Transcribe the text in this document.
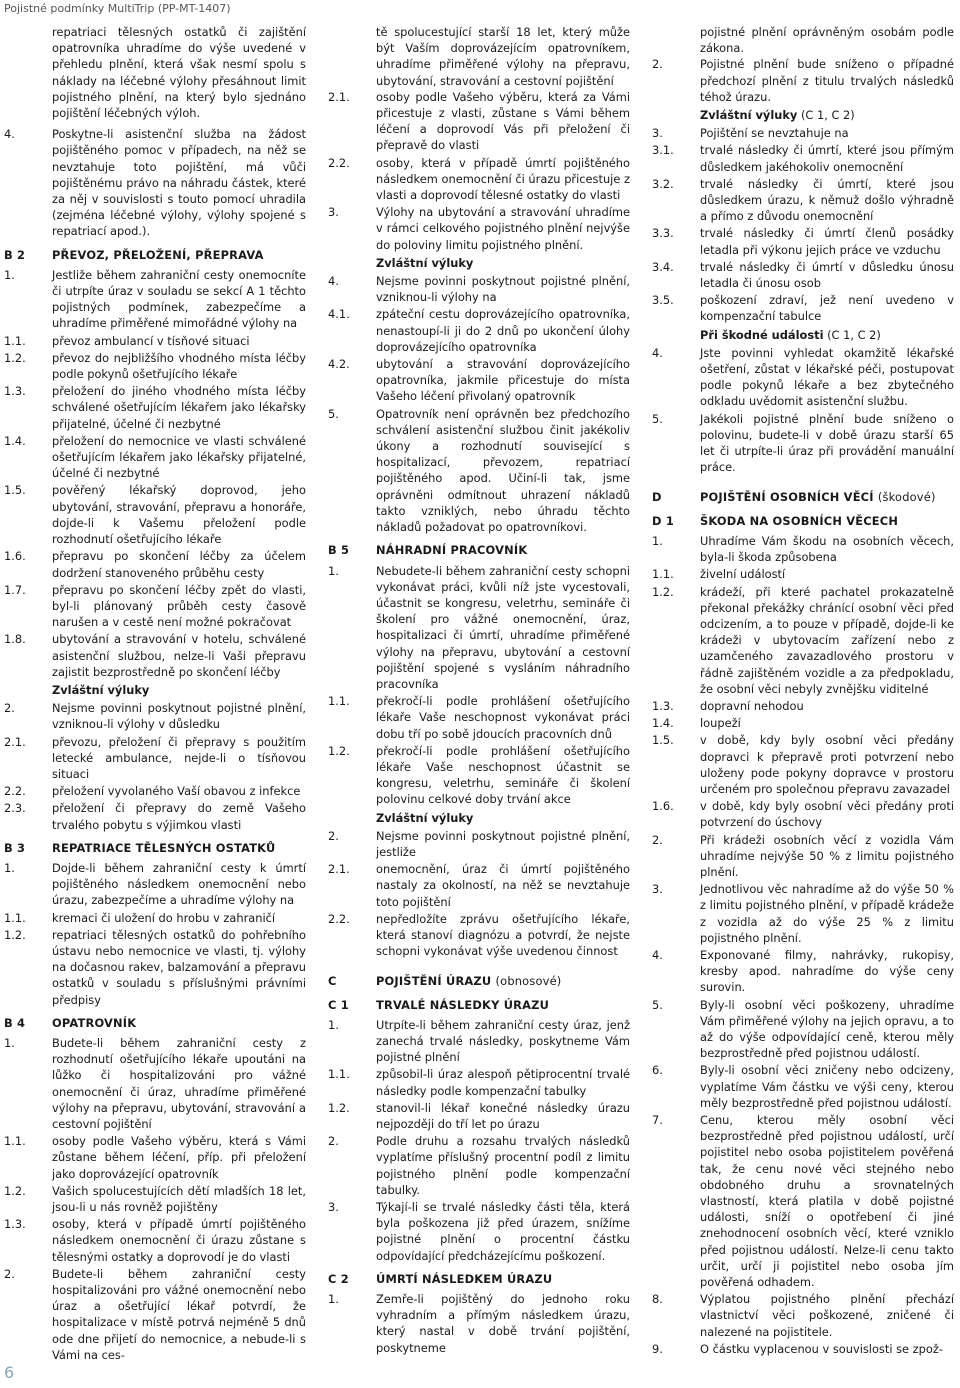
Pojistné podmínky MultiTrip (PP-MT-1407)
6
repatriaci tělesných ostatků či zajištění opatrovníka uhradíme do výše uvedené v přehledu plnění, která však nesmí spolu s náklady na léčebné výlohy přesáhnout limit pojistného plnění, na který bylo sjednáno pojištění léčebných výloh.
4.	Poskytne-li asistenční služba na žádost pojištěného pomoc v případech, na něž se nevztahuje toto pojištění, má vůči pojištěnému právo na náhradu částek, které za něj v souvislosti s touto pomocí uhradila (zejména léčebné výlohy, výlohy spojené s repatriací apod.).
B 2	PŘEVOZ, PŘELOŽENÍ, PŘEPRAVA
1.	Jestliže během zahraniční cesty onemocníte či utrpíte úraz v souladu se sekcí A 1 těchto pojistných podmínek, zabezpečíme a uhradíme přiměřené mimořádné výlohy na
1.1.	převoz ambulancí v tísňové situaci
1.2.	převoz do nejbližšího vhodného místa léčby podle pokynů ošetřujícího lékaře
1.3.	přeložení do jiného vhodného místa léčby schválené ošetřujícím lékařem jako lékařsky přijatelné, účelné či nezbytné
1.4.	přeložení do nemocnice ve vlasti schválené ošetřujícím lékařem jako lékařsky přijatelné, účelné či nezbytné
1.5.	pověřený lékařský doprovod, jeho ubytování, stravování, přepravu a honoráře, dojde-li k Vašemu přeložení podle rozhodnutí ošetřujícího lékaře
1.6.	přepravu po skončení léčby za účelem dodržení stanoveného průběhu cesty
1.7.	přepravu po skončení léčby zpět do vlasti, byl-li plánovaný průběh cesty časově narušen a v cestě není možné pokračovat
1.8.	ubytování a stravování v hotelu, schválené asistenční službou, nelze-li Vaši přepravu zajistit bezprostředně po skončení léčby
Zvláštní výluky
2.	Nejsme povinni poskytnout pojistné plnění, vzniknou-li výlohy v důsledku
2.1.	převozu, přeložení či přepravy s použitím letecké ambulance, nejde-li o tísňovou situaci
2.2.	přeložení vyvolaného Vaší obavou z infekce
2.3.	přeložení či přepravy do země Vašeho trvalého pobytu s výjimkou vlasti
B 3	REPATRIACE TĚLESNÝCH OSTATKŮ
1.	Dojde-li během zahraniční cesty k úmrtí pojištěného následkem onemocnění nebo úrazu, zabezpečíme a uhradíme výlohy na
1.1.	kremaci či uložení do hrobu v zahraničí
1.2.	repatriaci tělesných ostatků do pohřebního ústavu nebo nemocnice ve vlasti, tj. výlohy na dočasnou rakev, balzamování a přepravu ostatků v souladu s příslušnými právními předpisy
B 4	OPATROVNÍK
1.	Budete-li během zahraniční cesty z rozhodnutí ošetřujícího lékaře upoutáni na lůžko či hospitalizováni pro vážné onemocnění či úraz, uhradíme přiměřené výlohy na přepravu, ubytování, stravování a cestovní pojištění
1.1.	osoby podle Vašeho výběru, která s Vámi zůstane během léčení, příp. při přeložení jako doprovázející opatrovník
1.2.	Vašich spolucestujících dětí mladších 18 let, jsou-li u nás rovněž pojištěny
1.3.	osoby, která v případě úmrtí pojištěného následkem onemocnění či úrazu zůstane s tělesnými ostatky a doprovodí je do vlasti
2.	Budete-li během zahraniční cesty hospitalizováni pro vážné onemocnění nebo úraz a ošetřující lékař potvrdí, že hospitalizace v místě potrvá nejméně 5 dnů ode dne přijetí do nemocnice, a nebude-li s Vámi na ces-
tě spolucestující starší 18 let, který může být Vaším doprovázejícím opatrovníkem, uhradíme přiměřené výlohy na přepravu, ubytování, stravování a cestovní pojištění
2.1.	osoby podle Vašeho výběru, která za Vámi přicestuje z vlasti, zůstane s Vámi během léčení a doprovodí Vás při přeložení či přepravě do vlasti
2.2.	osoby, která v případě úmrtí pojištěného následkem onemocnění či úrazu přicestuje z vlasti a doprovodí tělesné ostatky do vlasti
3.	Výlohy na ubytování a stravování uhradíme v rámci celkového pojistného plnění nejvýše do poloviny limitu pojistného plnění.
Zvláštní výluky
4.	Nejsme povinni poskytnout pojistné plnění, vzniknou-li výlohy na
4.1.	zpáteční cestu doprovázejícího opatrovníka, nenastoupí-li ji do 2 dnů po ukončení úlohy doprovázejícího opatrovníka
4.2.	ubytování a stravování doprovázejícího opatrovníka, jakmile přicestuje do místa Vašeho léčení přivolaný opatrovník
5.	Opatrovník není oprávněn bez předchozího schválení asistenční službou činit jakékoliv úkony a rozhodnutí související s hospitalizací, převozem, repatriací pojištěného apod. Učiní-li tak, jsme oprávněni odmítnout uhrazení nákladů takto vzniklých, nebo úhradu těchto nákladů požadovat po opatrovníkovi.
B 5	NÁHRADNÍ PRACOVNÍK
1.	Nebudete-li během zahraniční cesty schopni vykonávat práci, kvůli níž jste vycestovali, účastnit se kongresu, veletrhu, semináře či školení pro vážné onemocnění, úraz, hospitalizaci či úmrtí, uhradíme přiměřené výlohy na přepravu, ubytování a cestovní pojištění spojené s vysláním náhradního pracovníka
1.1.	překročí-li podle prohlášení ošetřujícího lékaře Vaše neschopnost vykonávat práci dobu tří po sobě jdoucích pracovních dnů
1.2.	překročí-li podle prohlášení ošetřujícího lékaře Vaše neschopnost účastnit se kongresu, veletrhu, semináře či školení polovinu celkové doby trvání akce
Zvláštní výluky
2.	Nejsme povinni poskytnout pojistné plnění, jestliže
2.1.	onemocnění, úraz či úmrtí pojištěného nastaly za okolností, na něž se nevztahuje toto pojištění
2.2.	nepředložíte zprávu ošetřujícího lékaře, která stanoví diagnózu a potvrdí, že nejste schopni vykonávat výše uvedenou činnost
C	POJIŠTĚNÍ ÚRAZU (obnosové)
C 1	TRVALÉ NÁSLEDKY ÚRAZU
1.	Utrpíte-li během zahraniční cesty úraz, jenž zanechá trvalé následky, poskytneme Vám pojistné plnění
1.1.	způsobil-li úraz alespoň pětiprocentní trvalé následky podle kompenzační tabulky
1.2.	stanovil-li lékař konečné následky úrazu nejpozději do tří let po úrazu
2.	Podle druhu a rozsahu trvalých následků vyplatíme příslušný procentní podíl z limitu pojistného plnění podle kompenzační tabulky.
3.	Týkají-li se trvalé následky části těla, která byla poškozena již před úrazem, snížíme pojistné plnění o procentní částku odpovídající předcházejícímu poškození.
C 2	ÚMRTÍ NÁSLEDKEM ÚRAZU
1.	Zemře-li pojištěný do jednoho roku vyhradním a přímým následkem úrazu, který nastal v době trvání pojištění, poskytneme
pojistné plnění oprávněným osobám podle zákona.
2.	Pojistné plnění bude sníženo o případné předchozí plnění z titulu trvalých následků téhož úrazu.
Zvláštní výluky (C 1, C 2)
3.	Pojištění se nevztahuje na
3.1.	trvalé následky či úmrtí, které jsou přímým důsledkem jakéhokoliv onemocnění
3.2.	trvalé následky či úmrtí, které jsou důsledkem úrazu, k němuž došlo výhradně a přímo z důvodu onemocnění
3.3.	trvalé následky či úmrtí členů posádky letadla při výkonu jejich práce ve vzduchu
3.4.	trvalé následky či úmrtí v důsledku únosu letadla či únosu osob
3.5.	poškození zdraví, jež není uvedeno v kompenzační tabulce
Při škodné události (C 1, C 2)
4.	Jste povinni vyhledat okamžitě lékařské ošetření, zůstat v lékařské péči, postupovat podle pokynů lékaře a bez zbytečného odkladu uvědomit asistenční službu.
5.	Jakékoli pojistné plnění bude sníženo o polovinu, budete-li v době úrazu starší 65 let či utrpíte-li úraz při provádění manuální práce.
D	POJIŠTĚNÍ OSOBNÍCH VĚCÍ (škodové)
D 1	ŠKODA NA OSOBNÍCH VĚCECH
1.	Uhradíme Vám škodu na osobních věcech, byla-li škoda způsobena
1.1.	živelní událostí
1.2.	krádeží, při které pachatel prokazatelně překonal překážky chránící osobní věci před odcizením, a to pouze v případě, dojde-li ke krádeži v ubytovacím zařízení nebo z uzamčeného zavazadlového prostoru v řádně zajištěném vozidle a za předpokladu, že osobní věci nebyly zvnějšku viditelné
1.3.	dopravní nehodou
1.4.	loupeží
1.5.	v době, kdy byly osobní věci předány dopravci k přepravě proti potvrzení nebo uloženy pode pokyny dopravce v prostoru určeném pro společnou přepravu zavazadel
1.6.	v době, kdy byly osobní věci předány proti potvrzení do úschovy
2.	Při krádeži osobních věcí z vozidla Vám uhradíme nejvýše 50 % z limitu pojistného plnění.
3.	Jednotlivou věc nahradíme až do výše 50 % z limitu pojistného plnění, v případě krádeže z vozidla až do výše 25 % z limitu pojistného plnění.
4.	Exponované filmy, nahrávky, rukopisy, kresby apod. nahradíme do výše ceny surovin.
5.	Byly-li osobní věci poškozeny, uhradíme Vám přiměřené výlohy na jejich opravu, a to až do výše odpovídající ceně, kterou měly bezprostředně před pojistnou událostí.
6.	Byly-li osobní věci zničeny nebo odcizeny, vyplatíme Vám částku ve výši ceny, kterou měly bezprostředně před pojistnou událostí.
7.	Cenu, kterou měly osobní věci bezprostředně před pojistnou událostí, určí pojistitel nebo osoba pojistitelem pověřená tak, že cenu nové věci stejného nebo obdobného druhu a srovnatelných vlastností, která platila v době pojistné události, sníží o opotřebení či jiné znehodnocení osobních věcí, které vzniklo před pojistnou událostí. Nelze-li cenu takto určit, určí ji pojistitel nebo osoba jím pověřená odhadem.
8.	Výplatou pojistného plnění přechází vlastnictví věci poškozené, zničené či nalezené na pojistitele.
9.	O částku vyplacenou v souvislosti se zpož-
